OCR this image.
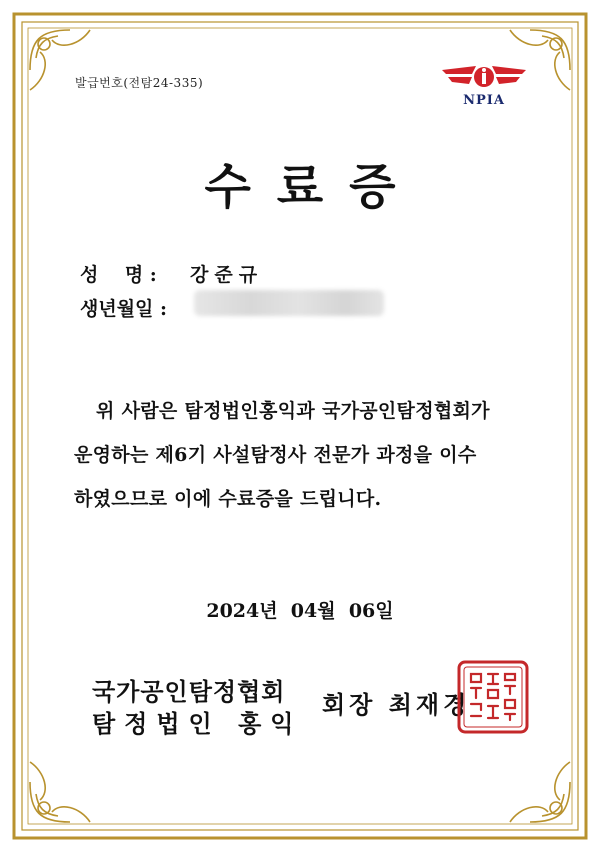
발급번호(전탐24-335)
NPIA
수료증
성    명 : 강준규
생년월일 :
위 사람은 탐정법인홍익과 국가공인탐정협회가
운영하는 제6기 사설탐정사 전문가 과정을 이수
하였으므로 이에 수료증을 드립니다.
2024년  04월  06일
국가공인탐정협회
탐정법인 홍익
회장 최재경
